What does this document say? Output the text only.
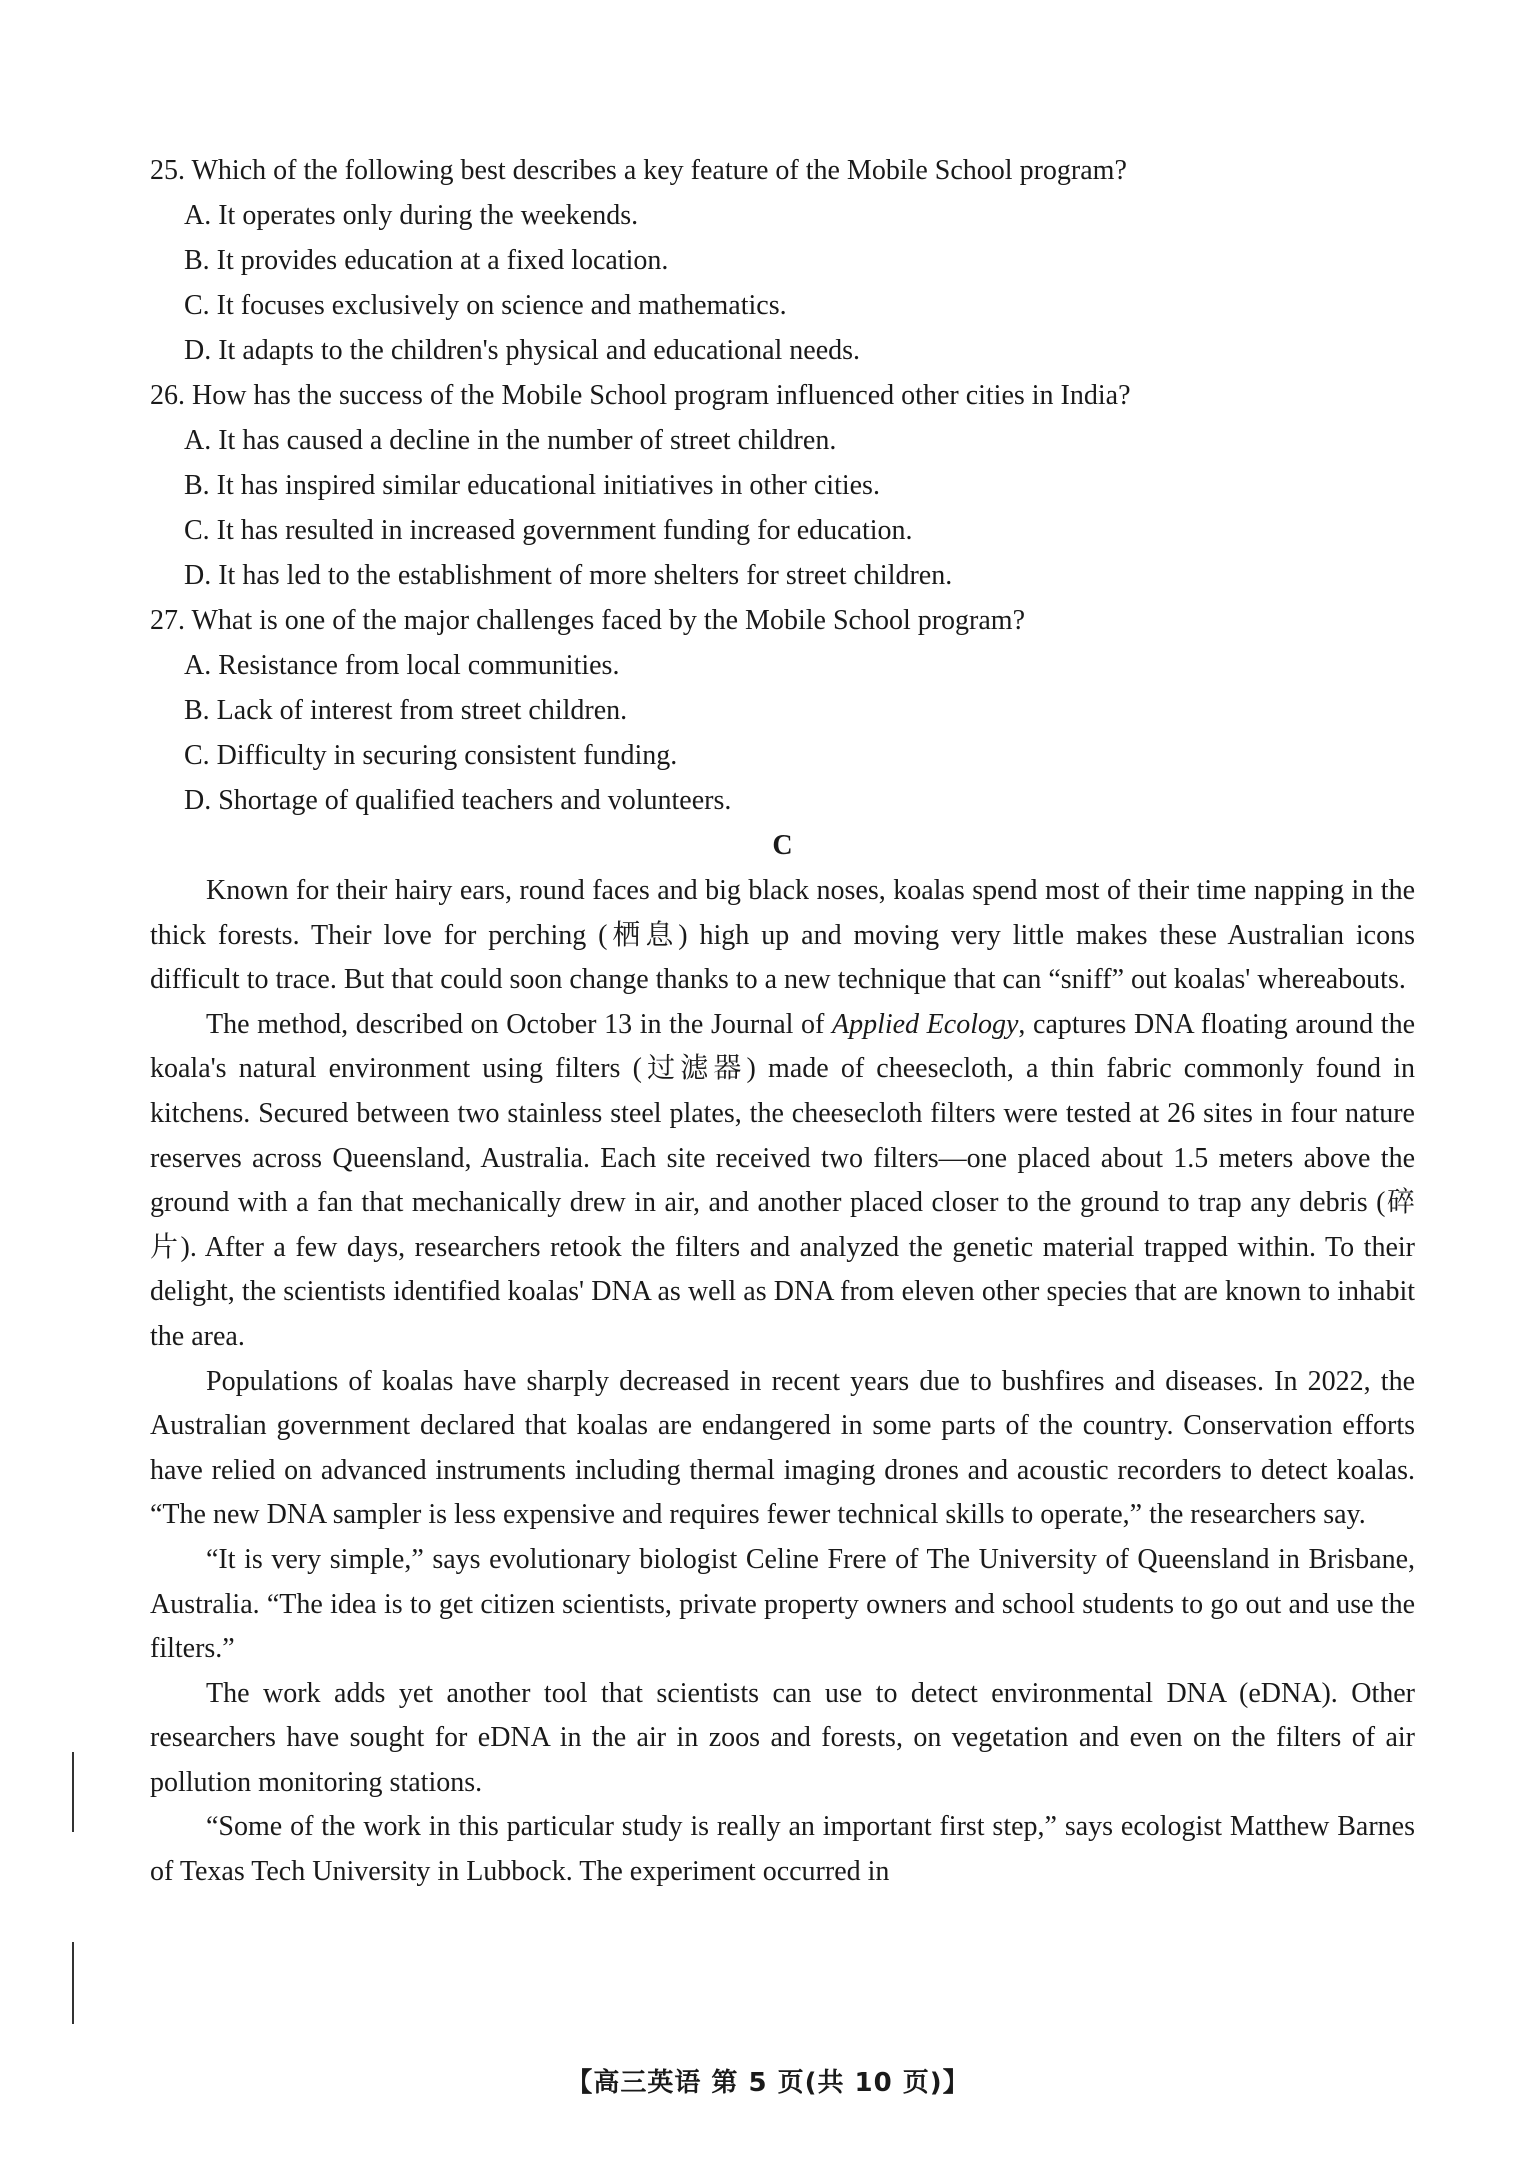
25. Which of the following best describes a key feature of the Mobile School program?

A. It operates only during the weekends.

B. It provides education at a fixed location.

C. It focuses exclusively on science and mathematics.

D. It adapts to the children's physical and educational needs.

26. How has the success of the Mobile School program influenced other cities in India?

A. It has caused a decline in the number of street children.

B. It has inspired similar educational initiatives in other cities.

C. It has resulted in increased government funding for education.

D. It has led to the establishment of more shelters for street children.

27. What is one of the major challenges faced by the Mobile School program?

A. Resistance from local communities.

B. Lack of interest from street children.

C. Difficulty in securing consistent funding.

D. Shortage of qualified teachers and volunteers.

C

Known for their hairy ears, round faces and big black noses, koalas spend most of their time napping in the thick forests. Their love for perching (栖息) high up and moving very little makes these Australian icons difficult to trace. But that could soon change thanks to a new technique that can “sniff” out koalas' whereabouts.

The method, described on October 13 in the Journal of Applied Ecology, captures DNA floating around the koala's natural environment using filters (过滤器) made of cheesecloth, a thin fabric commonly found in kitchens. Secured between two stainless steel plates, the cheesecloth filters were tested at 26 sites in four nature reserves across Queensland, Australia. Each site received two filters—one placed about 1.5 meters above the ground with a fan that mechanically drew in air, and another placed closer to the ground to trap any debris (碎片). After a few days, researchers retook the filters and analyzed the genetic material trapped within. To their delight, the scientists identified koalas' DNA as well as DNA from eleven other species that are known to inhabit the area.

Populations of koalas have sharply decreased in recent years due to bushfires and diseases. In 2022, the Australian government declared that koalas are endangered in some parts of the country. Conservation efforts have relied on advanced instruments including thermal imaging drones and acoustic recorders to detect koalas. “The new DNA sampler is less expensive and requires fewer technical skills to operate,” the researchers say.

“It is very simple,” says evolutionary biologist Celine Frere of The University of Queensland in Brisbane, Australia. “The idea is to get citizen scientists, private property owners and school students to go out and use the filters.”

The work adds yet another tool that scientists can use to detect environmental DNA (eDNA). Other researchers have sought for eDNA in the air in zoos and forests, on vegetation and even on the filters of air pollution monitoring stations.

“Some of the work in this particular study is really an important first step,” says ecologist Matthew Barnes of Texas Tech University in Lubbock. The experiment occurred in

【高三英语 第 5 页(共 10 页)】
